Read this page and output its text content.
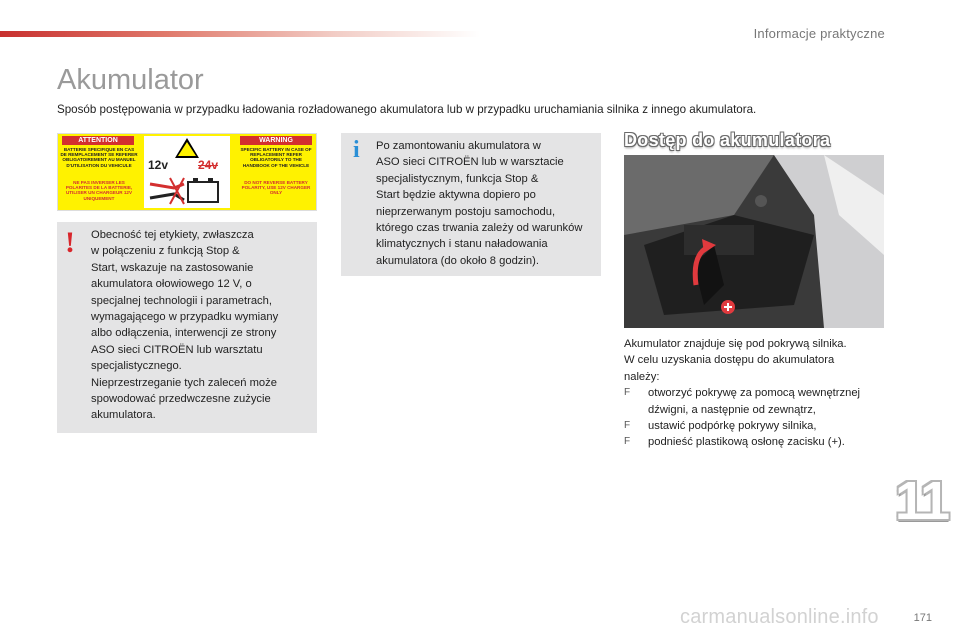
Informacje praktyczne
Akumulator
Sposób postępowania w przypadku ładowania rozładowanego akumulatora lub w przypadku uruchamiania silnika z innego akumulatora.
ATTENTION	WARNING
BATTERIE SPECIFIQUE EN CAS DE REMPLACEMENT SE REFERER OBLIGATOIREMENT AU MANUEL D'UTILISATION DU VEHICULE
SPECIFIC BATTERY IN CASE OF REPLACEMENT REFER OBLIGATORILY TO THE HANDBOOK OF THE VEHICLE
NE PAS INVERSER LES POLARITES DE LA BATTERIE, UTILISER UN CHARGEUR 12V UNIQUEMENT
DO NOT REVERSE BATTERY POLARITY, USE 12V CHARGER ONLY
12v 24v
! Obecność tej etykiety, zwłaszcza
w połączeniu z funkcją Stop &
Start, wskazuje na zastosowanie
akumulatora ołowiowego 12 V, o
specjalnej technologii i parametrach,
wymagającego w przypadku wymiany
albo odłączenia, interwencji ze strony
ASO sieci CITROËN lub warsztatu
specjalistycznego.
Nieprzestrzeganie tych zaleceń może
spowodować przedwczesne zużycie
akumulatora.
i Po zamontowaniu akumulatora w
ASO sieci CITROËN lub w warsztacie
specjalistycznym, funkcja Stop &
Start będzie aktywna dopiero po
nieprzerwanym postoju samochodu,
którego czas trwania zależy od warunków
klimatycznych i stanu naładowania
akumulatora (do około 8 godzin).
Dostęp do akumulatora
Akumulator znajduje się pod pokrywą silnika.
W celu uzyskania dostępu do akumulatora
należy:
F otworzyć pokrywę za pomocą wewnętrznej dźwigni, a następnie od zewnątrz,
F ustawić podpórkę pokrywy silnika,
F podnieść plastikową osłonę zacisku (+).
11
carmanualsonline.info	171
